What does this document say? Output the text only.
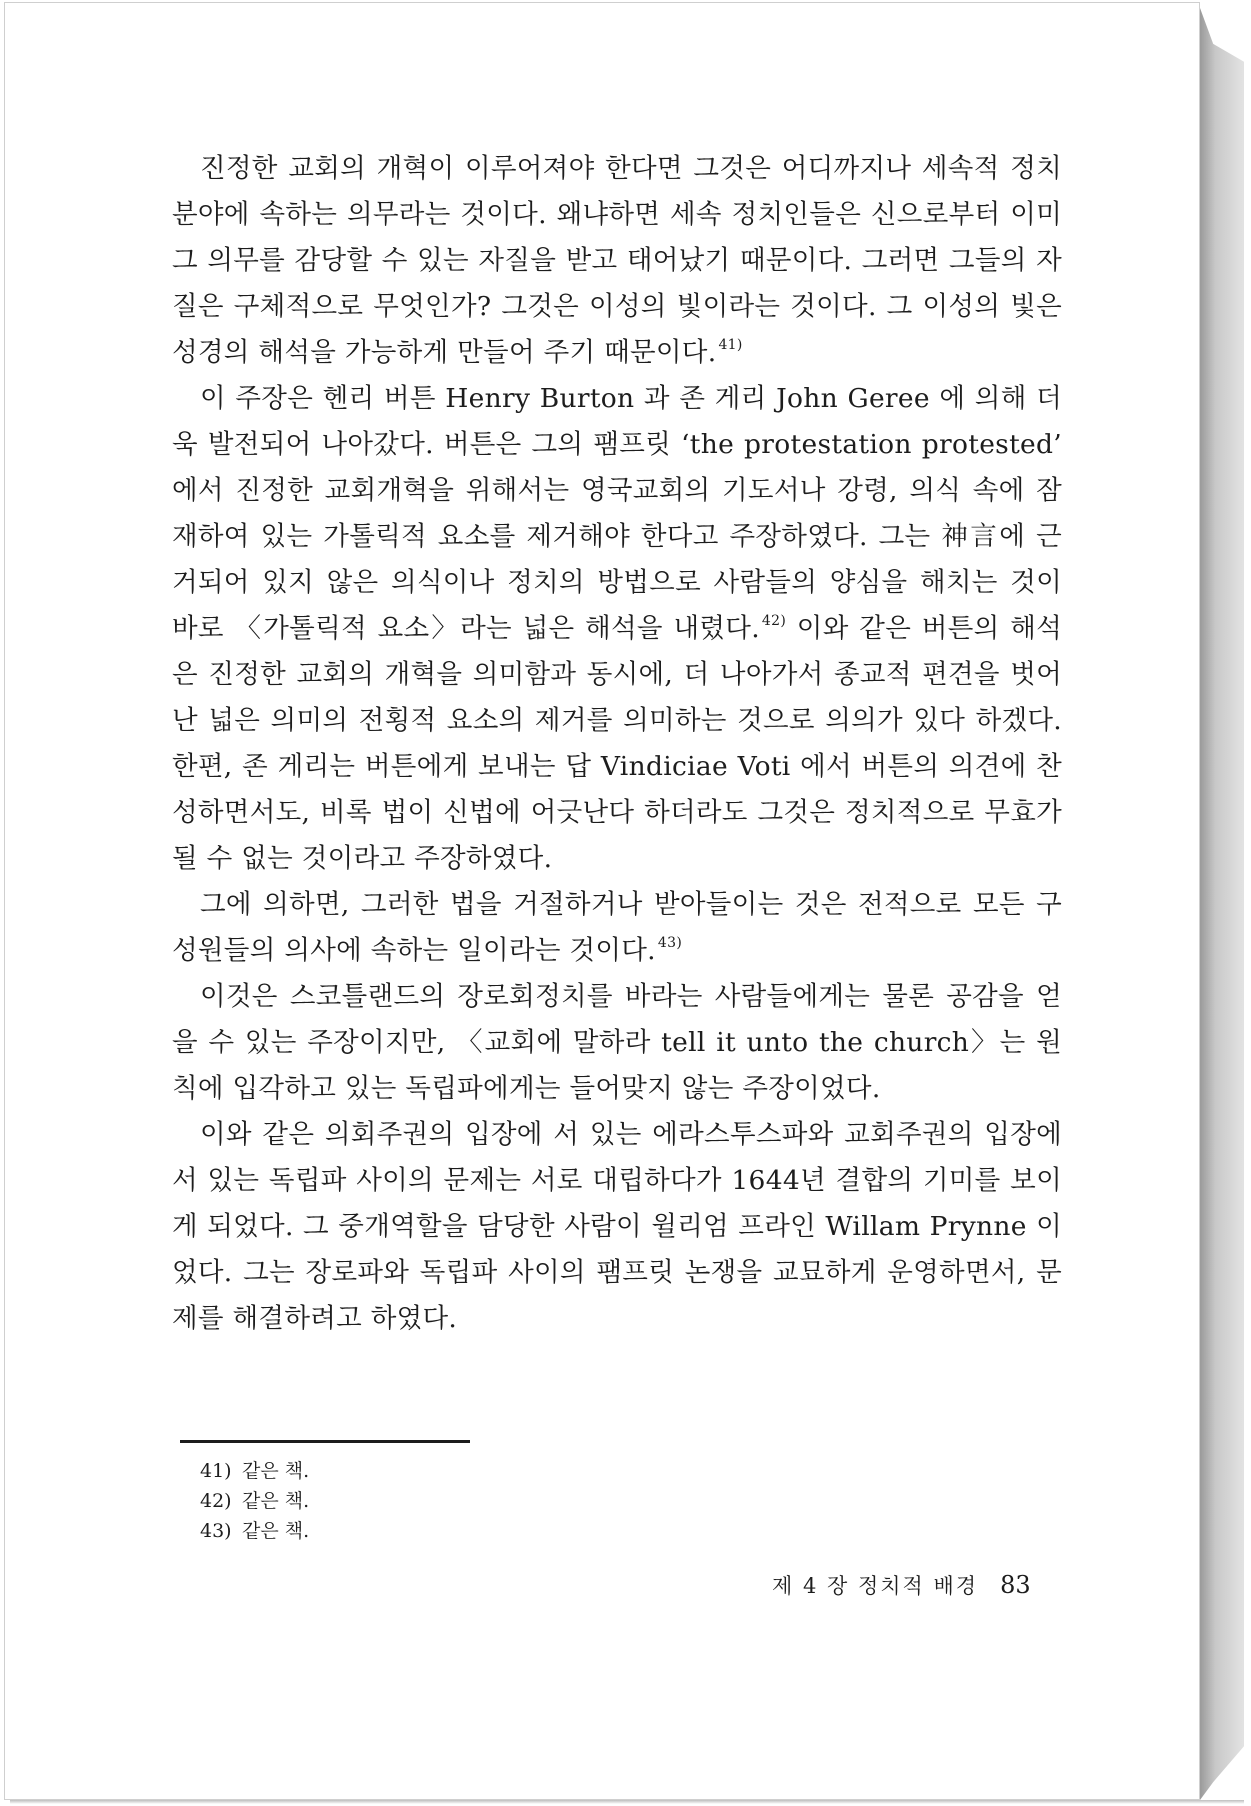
진정한 교회의 개혁이 이루어져야 한다면 그것은 어디까지나 세속적 정치분야에 속하는 의무라는 것이다. 왜냐하면 세속 정치인들은 신으로부터 이미 그 의무를 감당할 수 있는 자질을 받고 태어났기 때문이다. 그러면 그들의 자질은 구체적으로 무엇인가? 그것은 이성의 빛이라는 것이다. 그 이성의 빛은 성경의 해석을 가능하게 만들어 주기 때문이다. $^{41)}$

이 주장은 헨리 버튼 Henry Burton 과 존 게리 John Geree 에 의해 더욱 발전되어 나아갔다. 버튼은 그의 팸프릿 ‘the protestation protested’ 에서 진정한 교회개혁을 위해서는 영국교회의 기도서나 강령, 의식 속에 잠재하여 있는 가톨릭적 요소를 제거해야 한다고 주장하였다. 그는 神言에 근거되어 있지 않은 의식이나 정치의 방법으로 사람들의 양심을 해치는 것이 바로 〈가톨릭적 요소〉라는 넓은 해석을 내렸다. $^{42)}$ 이와 같은 버튼의 해석은 진정한 교회의 개혁을 의미함과 동시에, 더 나아가서 종교적 편견을 벗어난 넓은 의미의 전횡적 요소의 제거를 의미하는 것으로 의의가 있다 하겠다. 한편, 존 게리는 버튼에게 보내는 답 Vindiciae Voti 에서 버튼의 의견에 찬성하면서도, 비록 법이 신법에 어긋난다 하더라도 그것은 정치적으로 무효가 될 수 없는 것이라고 주장하였다.

그에 의하면, 그러한 법을 거절하거나 받아들이는 것은 전적으로 모든 구성원들의 의사에 속하는 일이라는 것이다. $^{43)}$

이것은 스코틀랜드의 장로회정치를 바라는 사람들에게는 물론 공감을 얻을 수 있는 주장이지만, 〈교회에 말하라 tell it unto the church〉는 원칙에 입각하고 있는 독립파에게는 들어맞지 않는 주장이었다.

이와 같은 의회주권의 입장에 서 있는 에라스투스파와 교회주권의 입장에 서 있는 독립파 사이의 문제는 서로 대립하다가 1644년 결합의 기미를 보이게 되었다. 그 중개역할을 담당한 사람이 윌리엄 프라인 Willam Prynne 이었다. 그는 장로파와 독립파 사이의 팸프릿 논쟁을 교묘하게 운영하면서, 문제를 해결하려고 하였다.

41) 같은 책.
42) 같은 책.
43) 같은 책.
제 4 장 정치적 배경 83
